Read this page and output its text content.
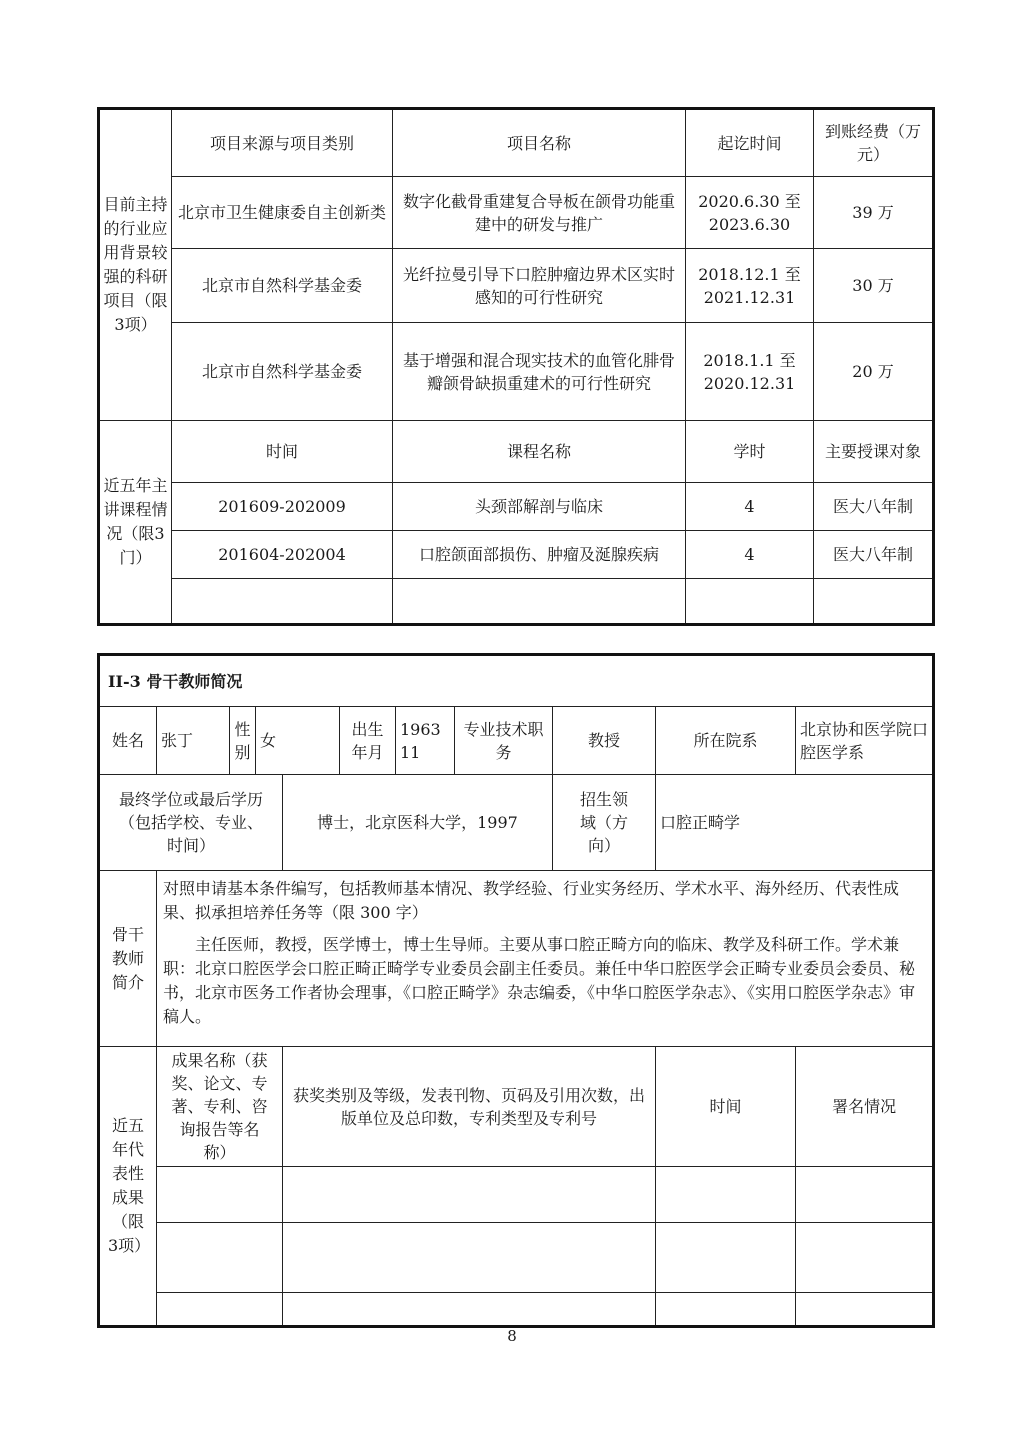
目前主持的行业应用背景较强的科研项目（限3项）	项目来源与项目类别	项目名称	起讫时间	到账经费（万元）
	北京市卫生健康委自主创新类	数字化截骨重建复合导板在颌骨功能重建中的研发与推广	2020.6.30 至 2023.6.30	39 万
	北京市自然科学基金委	光纤拉曼引导下口腔肿瘤边界术区实时感知的可行性研究	2018.12.1 至 2021.12.31	30 万
	北京市自然科学基金委	基于增强和混合现实技术的血管化腓骨瓣颌骨缺损重建术的可行性研究	2018.1.1 至 2020.12.31	20 万
近五年主讲课程情况（限3门）	时间	课程名称	学时	主要授课对象
	201609-202009	头颈部解剖与临床	4	医大八年制
	201604-202004	口腔颌面部损伤、肿瘤及涎腺疾病	4	医大八年制

II-3 骨干教师简况										
姓名	张丁	性别	女		出生年月	1963 11	专业技术职 务	教授	所在院系	北京协和医学院口腔医学系
最终学位或最后学历（包括学校、专业、时间）				博士，北京医科大学，1997				招生领域（方向）	口腔正畸学	
骨干教师简介	对照申请基本条件编写，包括教师基本情况、教学经验、行业实务经历、学术水平、海外经历、代表性成果、拟承担培养任务等（限 300 字）

主任医师，教授，医学博士，博士生导师。主要从事口腔正畸方向的临床、教学及科研工作。学术兼职：北京口腔医学会口腔正畸正畸学专业委员会副主任委员。兼任中华口腔医学会正畸专业委员会委员、秘书，北京市医务工作者协会理事，《口腔正畸学》杂志编委，《中华口腔医学杂志》、《实用口腔医学杂志》审稿人。									

近五年代表性成果（限3项）	成果名称（获奖、论文、专著、专利、咨询报告等名称）			获奖类别及等级，发表刊物、页码及引用次数，出版单位及总印数，专利类型及专利号					时间	署名情况

8
